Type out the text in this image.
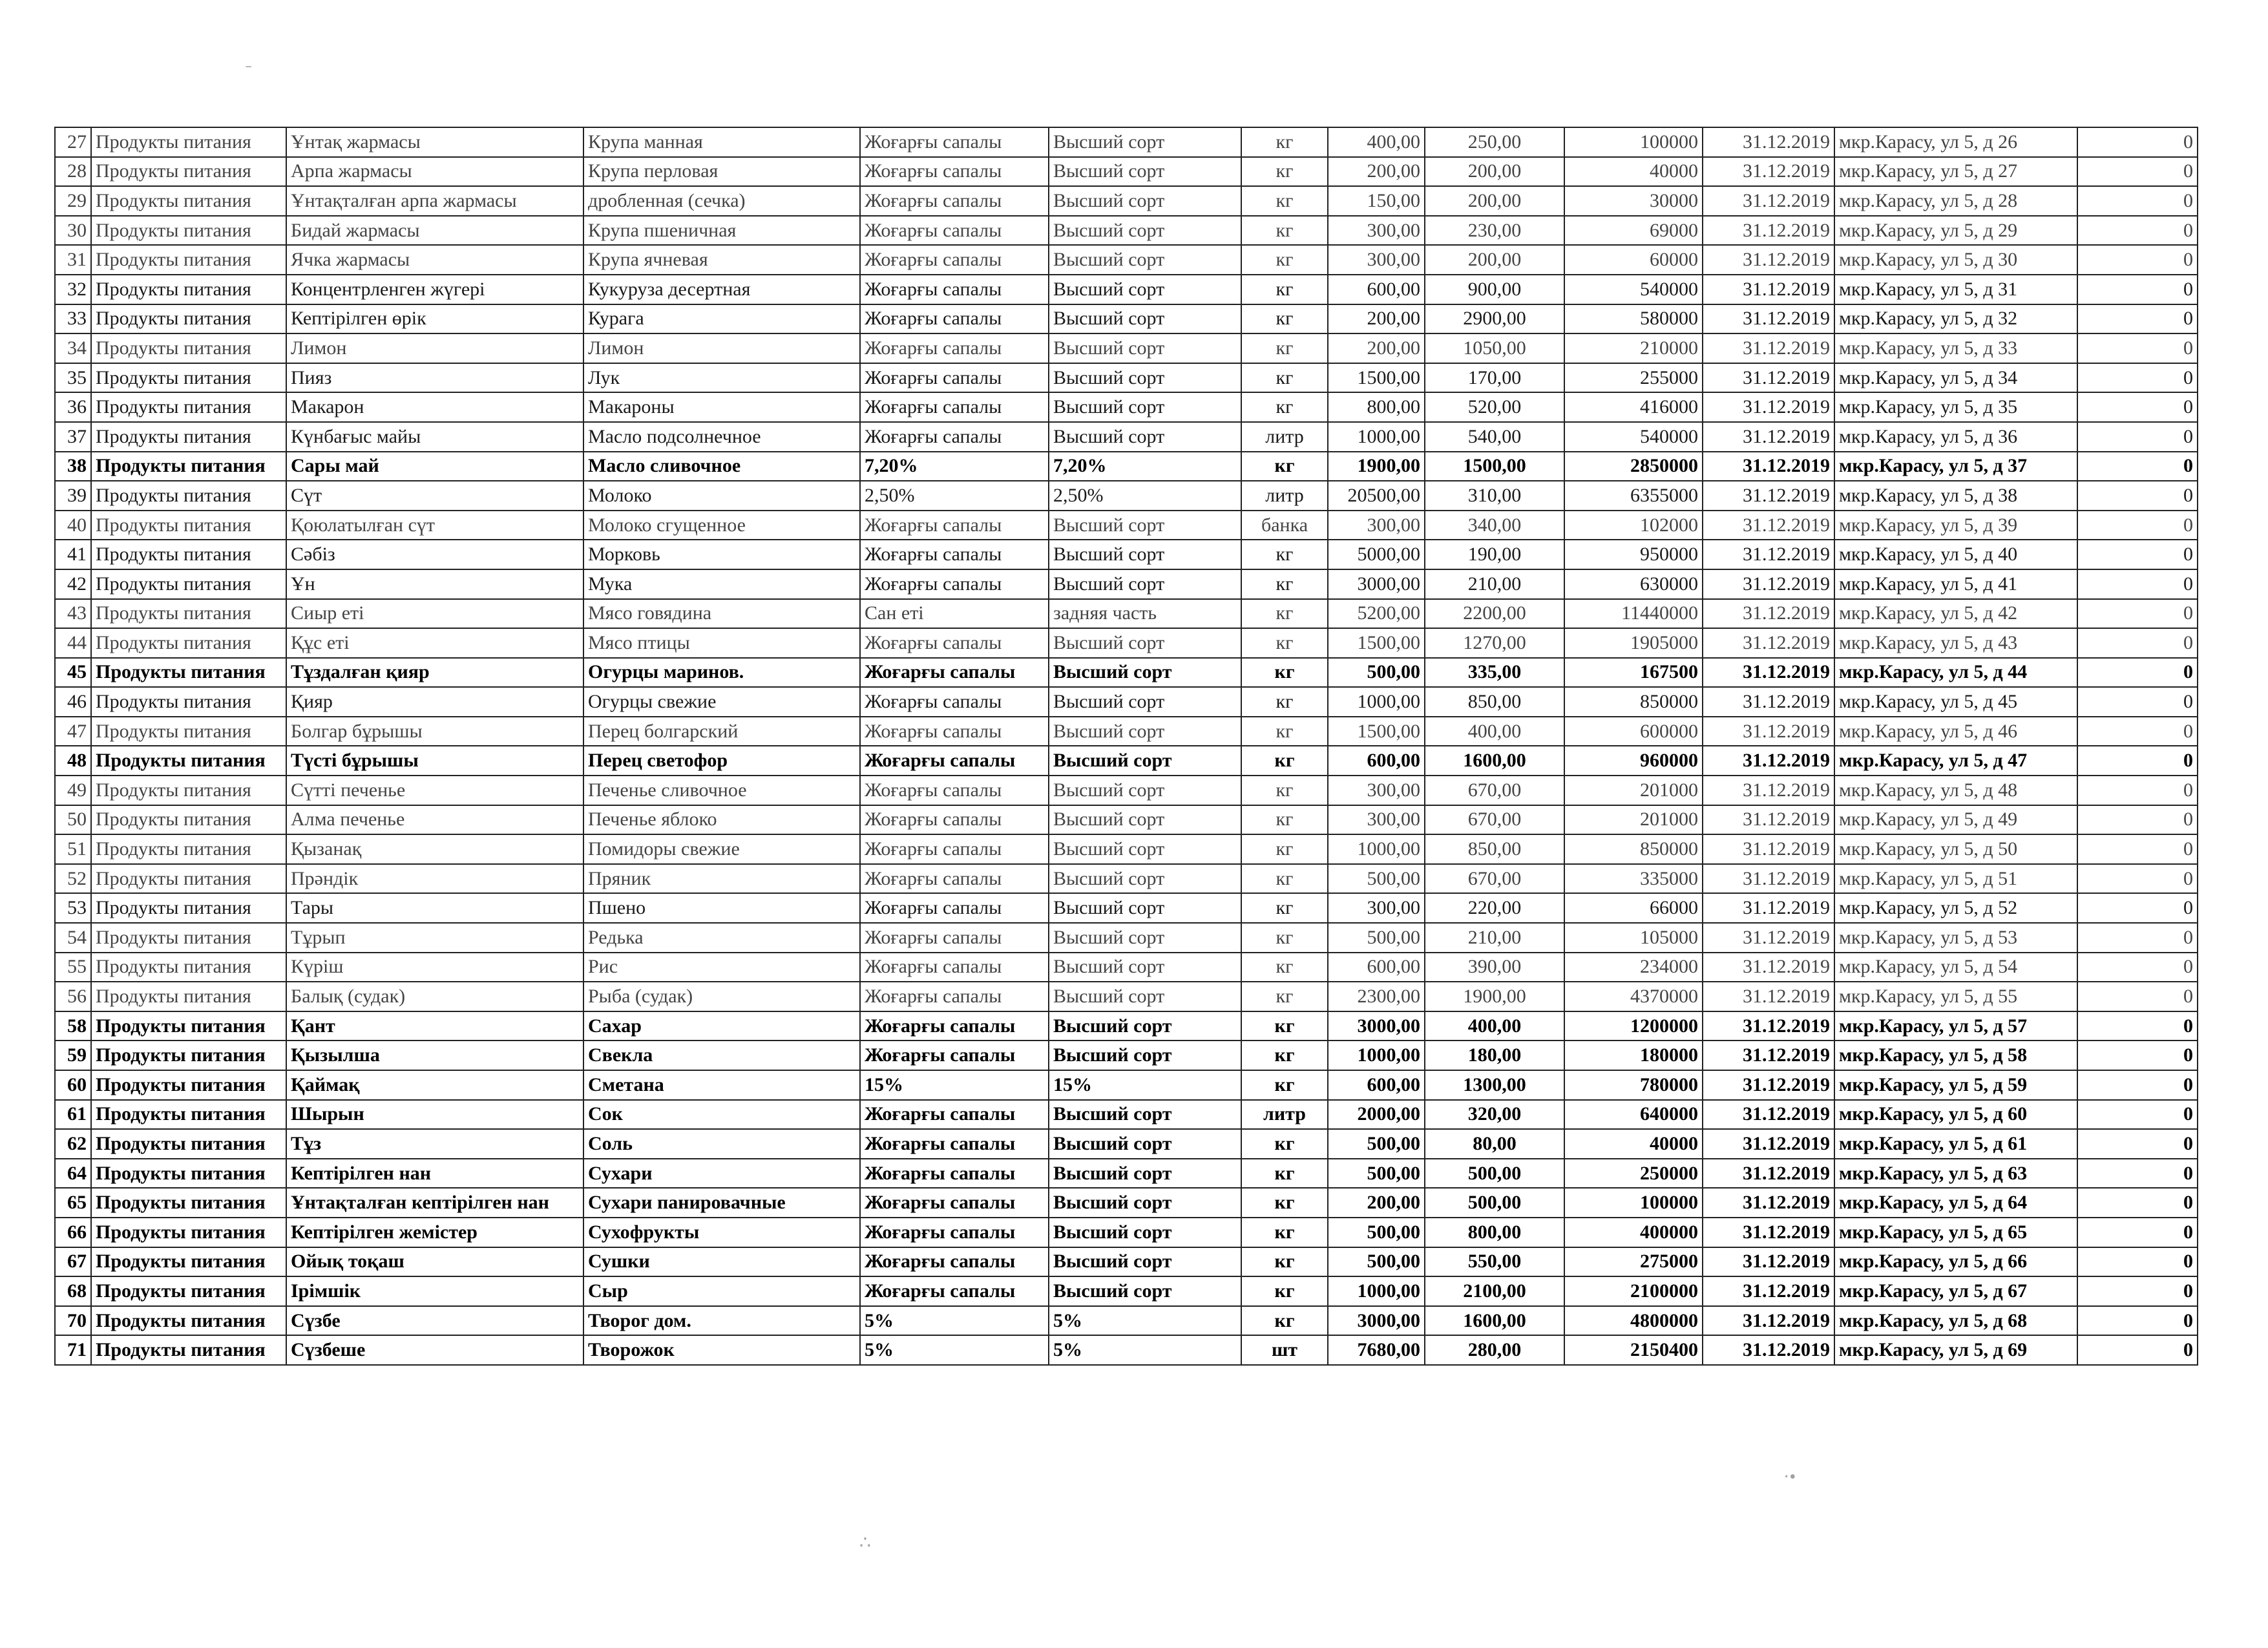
ˉ
·•
∴
27	Продукты питания	Ұнтақ жармасы	Крупа манная	Жоғарғы сапалы	Высший сорт	кг	400,00	250,00	100000	31.12.2019	мкр.Карасу, ул 5, д 26	0
28	Продукты питания	Арпа жармасы	Крупа перловая	Жоғарғы сапалы	Высший сорт	кг	200,00	200,00	40000	31.12.2019	мкр.Карасу, ул 5, д 27	0
29	Продукты питания	Ұнтақталған арпа жармасы	дробленная (сечка)	Жоғарғы сапалы	Высший сорт	кг	150,00	200,00	30000	31.12.2019	мкр.Карасу, ул 5, д 28	0
30	Продукты питания	Бидай жармасы	Крупа пшеничная	Жоғарғы сапалы	Высший сорт	кг	300,00	230,00	69000	31.12.2019	мкр.Карасу, ул 5, д 29	0
31	Продукты питания	Ячка жармасы	Крупа ячневая	Жоғарғы сапалы	Высший сорт	кг	300,00	200,00	60000	31.12.2019	мкр.Карасу, ул 5, д 30	0
32	Продукты питания	Концентрленген жүгері	Кукуруза десертная	Жоғарғы сапалы	Высший сорт	кг	600,00	900,00	540000	31.12.2019	мкр.Карасу, ул 5, д 31	0
33	Продукты питания	Кептірілген өрік	Курага	Жоғарғы сапалы	Высший сорт	кг	200,00	2900,00	580000	31.12.2019	мкр.Карасу, ул 5, д 32	0
34	Продукты питания	Лимон	Лимон	Жоғарғы сапалы	Высший сорт	кг	200,00	1050,00	210000	31.12.2019	мкр.Карасу, ул 5, д 33	0
35	Продукты питания	Пияз	Лук	Жоғарғы сапалы	Высший сорт	кг	1500,00	170,00	255000	31.12.2019	мкр.Карасу, ул 5, д 34	0
36	Продукты питания	Макарон	Макароны	Жоғарғы сапалы	Высший сорт	кг	800,00	520,00	416000	31.12.2019	мкр.Карасу, ул 5, д 35	0
37	Продукты питания	Күнбағыс майы	Масло подсолнечное	Жоғарғы сапалы	Высший сорт	литр	1000,00	540,00	540000	31.12.2019	мкр.Карасу, ул 5, д 36	0
38	Продукты питания	Сары май	Масло сливочное	7,20%	7,20%	кг	1900,00	1500,00	2850000	31.12.2019	мкр.Карасу, ул 5, д 37	0
39	Продукты питания	Сүт	Молоко	2,50%	2,50%	литр	20500,00	310,00	6355000	31.12.2019	мкр.Карасу, ул 5, д 38	0
40	Продукты питания	Қоюлатылған сүт	Молоко сгущенное	Жоғарғы сапалы	Высший сорт	банка	300,00	340,00	102000	31.12.2019	мкр.Карасу, ул 5, д 39	0
41	Продукты питания	Сәбіз	Морковь	Жоғарғы сапалы	Высший сорт	кг	5000,00	190,00	950000	31.12.2019	мкр.Карасу, ул 5, д 40	0
42	Продукты питания	Ұн	Мука	Жоғарғы сапалы	Высший сорт	кг	3000,00	210,00	630000	31.12.2019	мкр.Карасу, ул 5, д 41	0
43	Продукты питания	Сиыр еті	Мясо говядина	Сан еті	задняя часть	кг	5200,00	2200,00	11440000	31.12.2019	мкр.Карасу, ул 5, д 42	0
44	Продукты питания	Құс еті	Мясо птицы	Жоғарғы сапалы	Высший сорт	кг	1500,00	1270,00	1905000	31.12.2019	мкр.Карасу, ул 5, д 43	0
45	Продукты питания	Тұздалған қияр	Огурцы маринов.	Жоғарғы сапалы	Высший сорт	кг	500,00	335,00	167500	31.12.2019	мкр.Карасу, ул 5, д 44	0
46	Продукты питания	Қияр	Огурцы свежие	Жоғарғы сапалы	Высший сорт	кг	1000,00	850,00	850000	31.12.2019	мкр.Карасу, ул 5, д 45	0
47	Продукты питания	Болгар бұрышы	Перец болгарский	Жоғарғы сапалы	Высший сорт	кг	1500,00	400,00	600000	31.12.2019	мкр.Карасу, ул 5, д 46	0
48	Продукты питания	Түсті бұрышы	Перец светофор	Жоғарғы сапалы	Высший сорт	кг	600,00	1600,00	960000	31.12.2019	мкр.Карасу, ул 5, д 47	0
49	Продукты питания	Сүтті печенье	Печенье сливочное	Жоғарғы сапалы	Высший сорт	кг	300,00	670,00	201000	31.12.2019	мкр.Карасу, ул 5, д 48	0
50	Продукты питания	Алма печенье	Печенье яблоко	Жоғарғы сапалы	Высший сорт	кг	300,00	670,00	201000	31.12.2019	мкр.Карасу, ул 5, д 49	0
51	Продукты питания	Қызанақ	Помидоры свежие	Жоғарғы сапалы	Высший сорт	кг	1000,00	850,00	850000	31.12.2019	мкр.Карасу, ул 5, д 50	0
52	Продукты питания	Прәндік	Пряник	Жоғарғы сапалы	Высший сорт	кг	500,00	670,00	335000	31.12.2019	мкр.Карасу, ул 5, д 51	0
53	Продукты питания	Тары	Пшено	Жоғарғы сапалы	Высший сорт	кг	300,00	220,00	66000	31.12.2019	мкр.Карасу, ул 5, д 52	0
54	Продукты питания	Тұрып	Редька	Жоғарғы сапалы	Высший сорт	кг	500,00	210,00	105000	31.12.2019	мкр.Карасу, ул 5, д 53	0
55	Продукты питания	Күріш	Рис	Жоғарғы сапалы	Высший сорт	кг	600,00	390,00	234000	31.12.2019	мкр.Карасу, ул 5, д 54	0
56	Продукты питания	Балық (судак)	Рыба (судак)	Жоғарғы сапалы	Высший сорт	кг	2300,00	1900,00	4370000	31.12.2019	мкр.Карасу, ул 5, д 55	0
58	Продукты питания	Қант	Сахар	Жоғарғы сапалы	Высший сорт	кг	3000,00	400,00	1200000	31.12.2019	мкр.Карасу, ул 5, д 57	0
59	Продукты питания	Қызылша	Свекла	Жоғарғы сапалы	Высший сорт	кг	1000,00	180,00	180000	31.12.2019	мкр.Карасу, ул 5, д 58	0
60	Продукты питания	Қаймақ	Сметана	15%	15%	кг	600,00	1300,00	780000	31.12.2019	мкр.Карасу, ул 5, д 59	0
61	Продукты питания	Шырын	Сок	Жоғарғы сапалы	Высший сорт	литр	2000,00	320,00	640000	31.12.2019	мкр.Карасу, ул 5, д 60	0
62	Продукты питания	Тұз	Соль	Жоғарғы сапалы	Высший сорт	кг	500,00	80,00	40000	31.12.2019	мкр.Карасу, ул 5, д 61	0
64	Продукты питания	Кептірілген нан	Сухари	Жоғарғы сапалы	Высший сорт	кг	500,00	500,00	250000	31.12.2019	мкр.Карасу, ул 5, д 63	0
65	Продукты питания	Ұнтақталған кептірілген нан	Сухари панировачные	Жоғарғы сапалы	Высший сорт	кг	200,00	500,00	100000	31.12.2019	мкр.Карасу, ул 5, д 64	0
66	Продукты питания	Кептірілген жемістер	Сухофрукты	Жоғарғы сапалы	Высший сорт	кг	500,00	800,00	400000	31.12.2019	мкр.Карасу, ул 5, д 65	0
67	Продукты питания	Ойық тоқаш	Сушки	Жоғарғы сапалы	Высший сорт	кг	500,00	550,00	275000	31.12.2019	мкр.Карасу, ул 5, д 66	0
68	Продукты питания	Ірімшік	Сыр	Жоғарғы сапалы	Высший сорт	кг	1000,00	2100,00	2100000	31.12.2019	мкр.Карасу, ул 5, д 67	0
70	Продукты питания	Сүзбе	Творог дом.	5%	5%	кг	3000,00	1600,00	4800000	31.12.2019	мкр.Карасу, ул 5, д 68	0
71	Продукты питания	Сүзбеше	Творожок	5%	5%	шт	7680,00	280,00	2150400	31.12.2019	мкр.Карасу, ул 5, д 69	0
